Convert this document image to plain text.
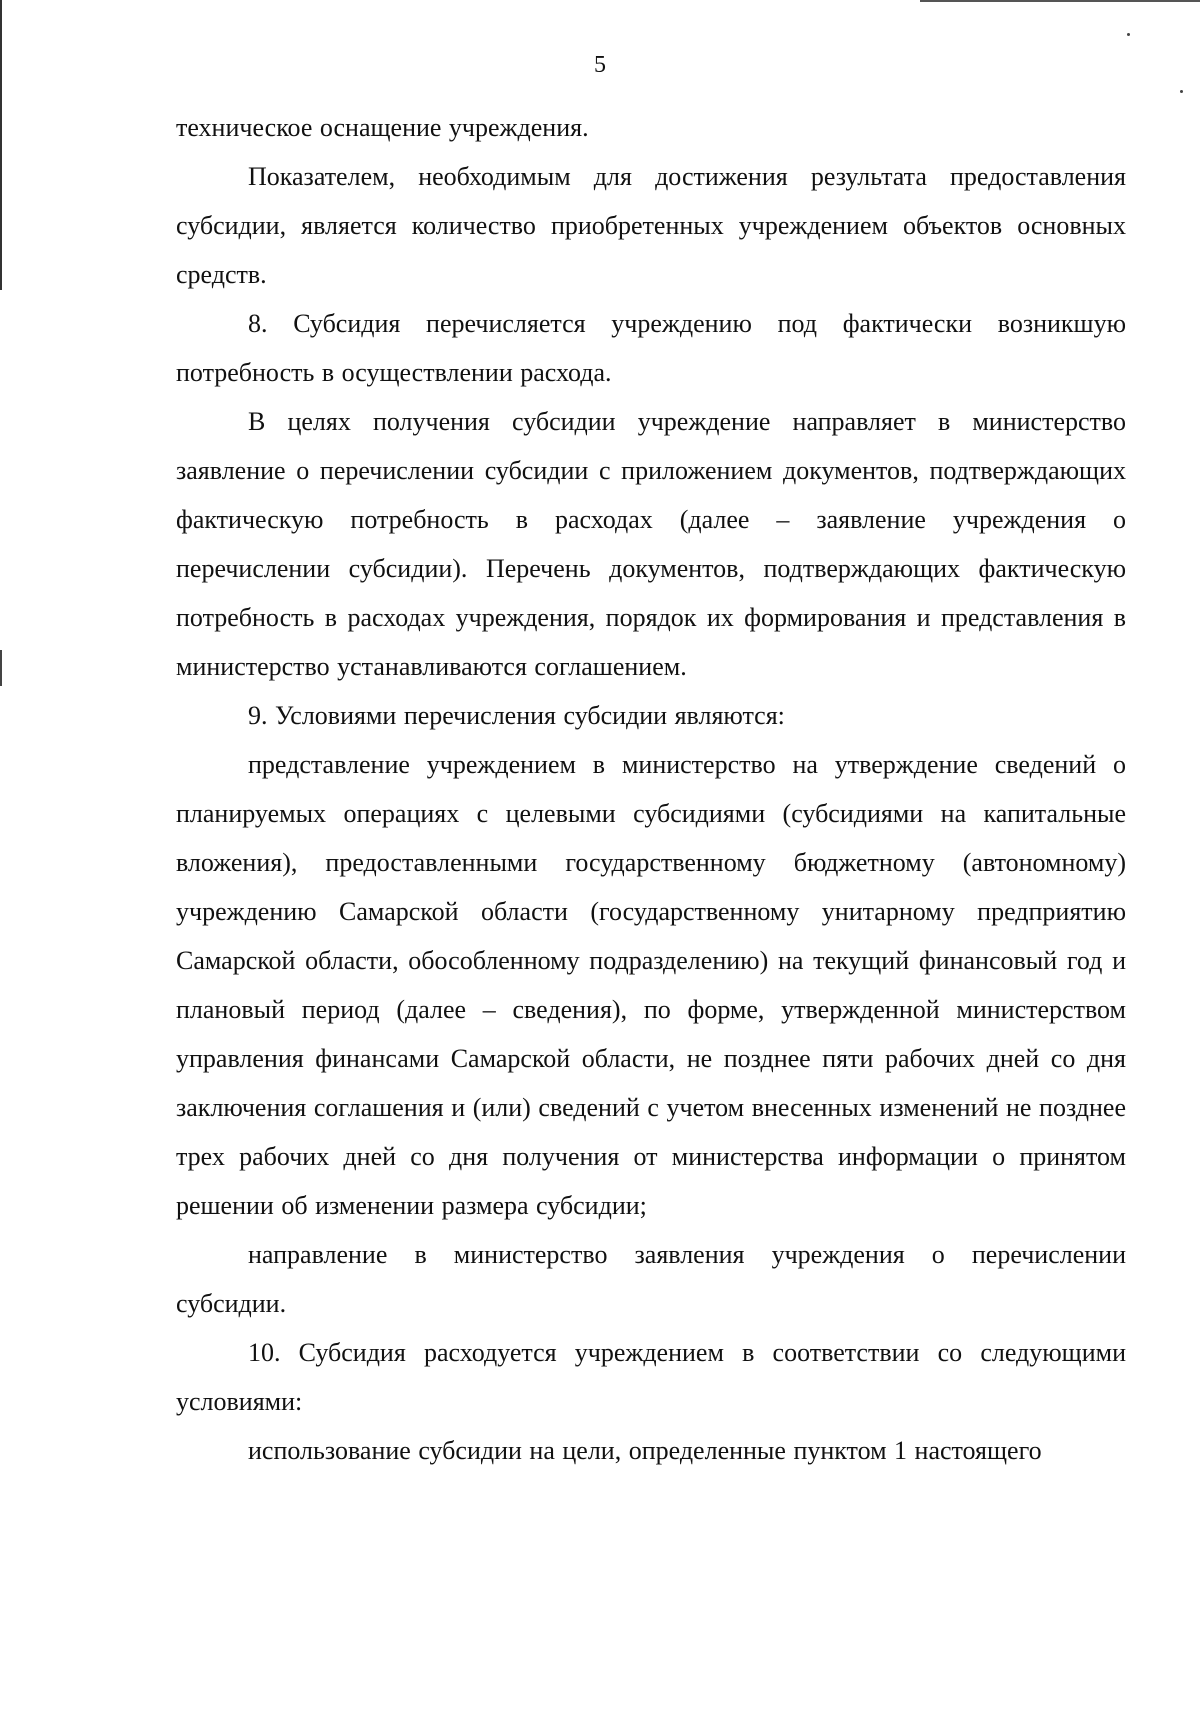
5

техническое оснащение учреждения.

Показателем, необходимым для достижения результата предоставления субсидии, является количество приобретенных учреждением объектов основных средств.

8. Субсидия перечисляется учреждению под фактически возникшую потребность в осуществлении расхода.

В целях получения субсидии учреждение направляет в министерство заявление о перечислении субсидии с приложением документов, подтверждающих фактическую потребность в расходах (далее – заявление учреждения о перечислении субсидии). Перечень документов, подтверждающих фактическую потребность в расходах учреждения, порядок их формирования и представления в министерство устанавливаются соглашением.

9. Условиями перечисления субсидии являются:

представление учреждением в министерство на утверждение сведений о планируемых операциях с целевыми субсидиями (субсидиями на капитальные вложения), предоставленными государственному бюджетному (автономному) учреждению Самарской области (государственному унитарному предприятию Самарской области, обособленному подразделению) на текущий финансовый год и плановый период (далее – сведения), по форме, утвержденной министерством управления финансами Самарской области, не позднее пяти рабочих дней со дня заключения соглашения и (или) сведений с учетом внесенных изменений не позднее трех рабочих дней со дня получения от министерства информации о принятом решении об изменении размера субсидии;

направление в министерство заявления учреждения о перечислении субсидии.

10. Субсидия расходуется учреждением в соответствии со следующими условиями:

использование субсидии на цели, определенные пунктом 1 настоящего
